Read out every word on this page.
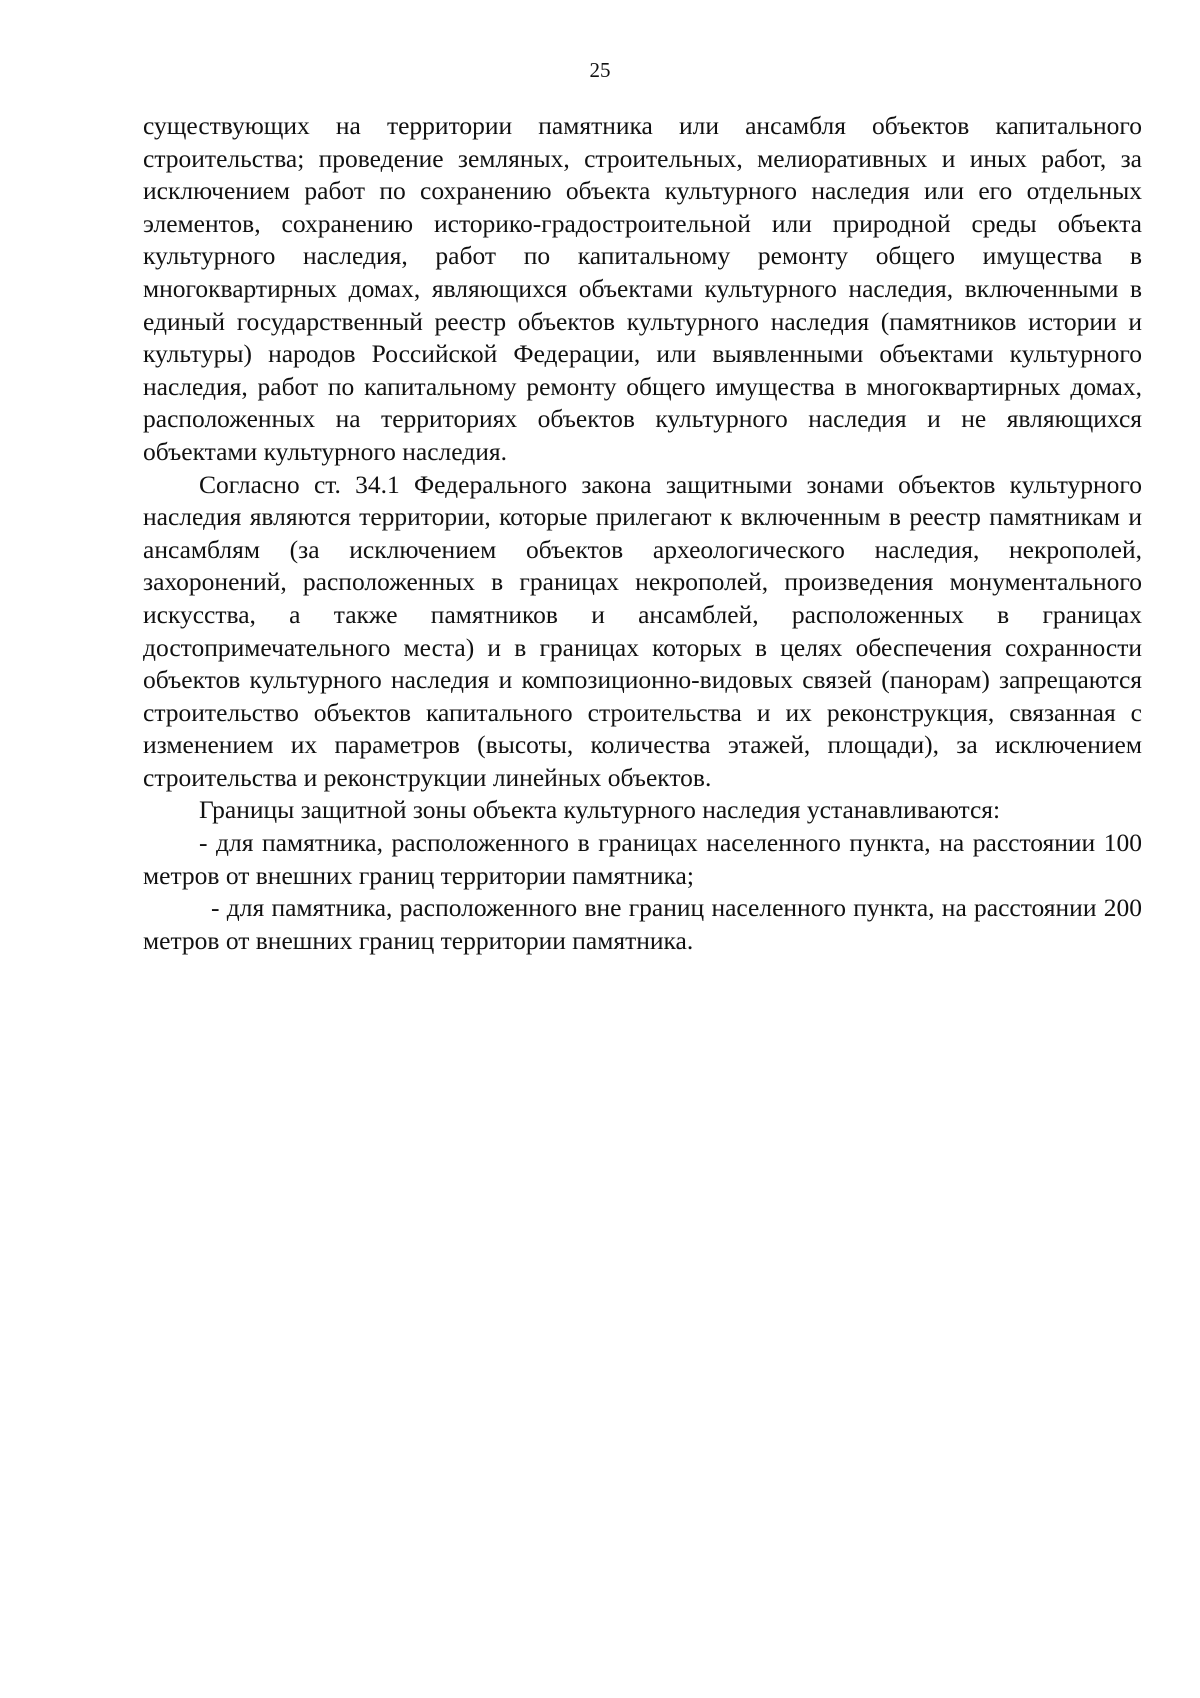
25

существующих на территории памятника или ансамбля объектов капитального строительства; проведение земляных, строительных, мелиоративных и иных работ, за исключением работ по сохранению объекта культурного наследия или его отдельных элементов, сохранению историко-градостроительной или природной среды объекта культурного наследия, работ по капитальному ремонту общего имущества в многоквартирных домах, являющихся объектами культурного наследия, включенными в единый государственный реестр объектов культурного наследия (памятников истории и культуры) народов Российской Федерации, или выявленными объектами культурного наследия, работ по капитальному ремонту общего имущества в многоквартирных домах, расположенных на территориях объектов культурного наследия и не являющихся объектами культурного наследия.

Согласно ст. 34.1 Федерального закона защитными зонами объектов культурного наследия являются территории, которые прилегают к включенным в реестр памятникам и ансамблям (за исключением объектов археологического наследия, некрополей, захоронений, расположенных в границах некрополей, произведения монументального искусства, а также памятников и ансамблей, расположенных в границах достопримечательного места) и в границах которых в целях обеспечения сохранности объектов культурного наследия и композиционно-видовых связей (панорам) запрещаются строительство объектов капитального строительства и их реконструкция, связанная с изменением их параметров (высоты, количества этажей, площади), за исключением строительства и реконструкции линейных объектов.

Границы защитной зоны объекта культурного наследия устанавливаются:

- для памятника, расположенного в границах населенного пункта, на расстоянии 100 метров от внешних границ территории памятника;

- для памятника, расположенного вне границ населенного пункта, на расстоянии 200 метров от внешних границ территории памятника.
